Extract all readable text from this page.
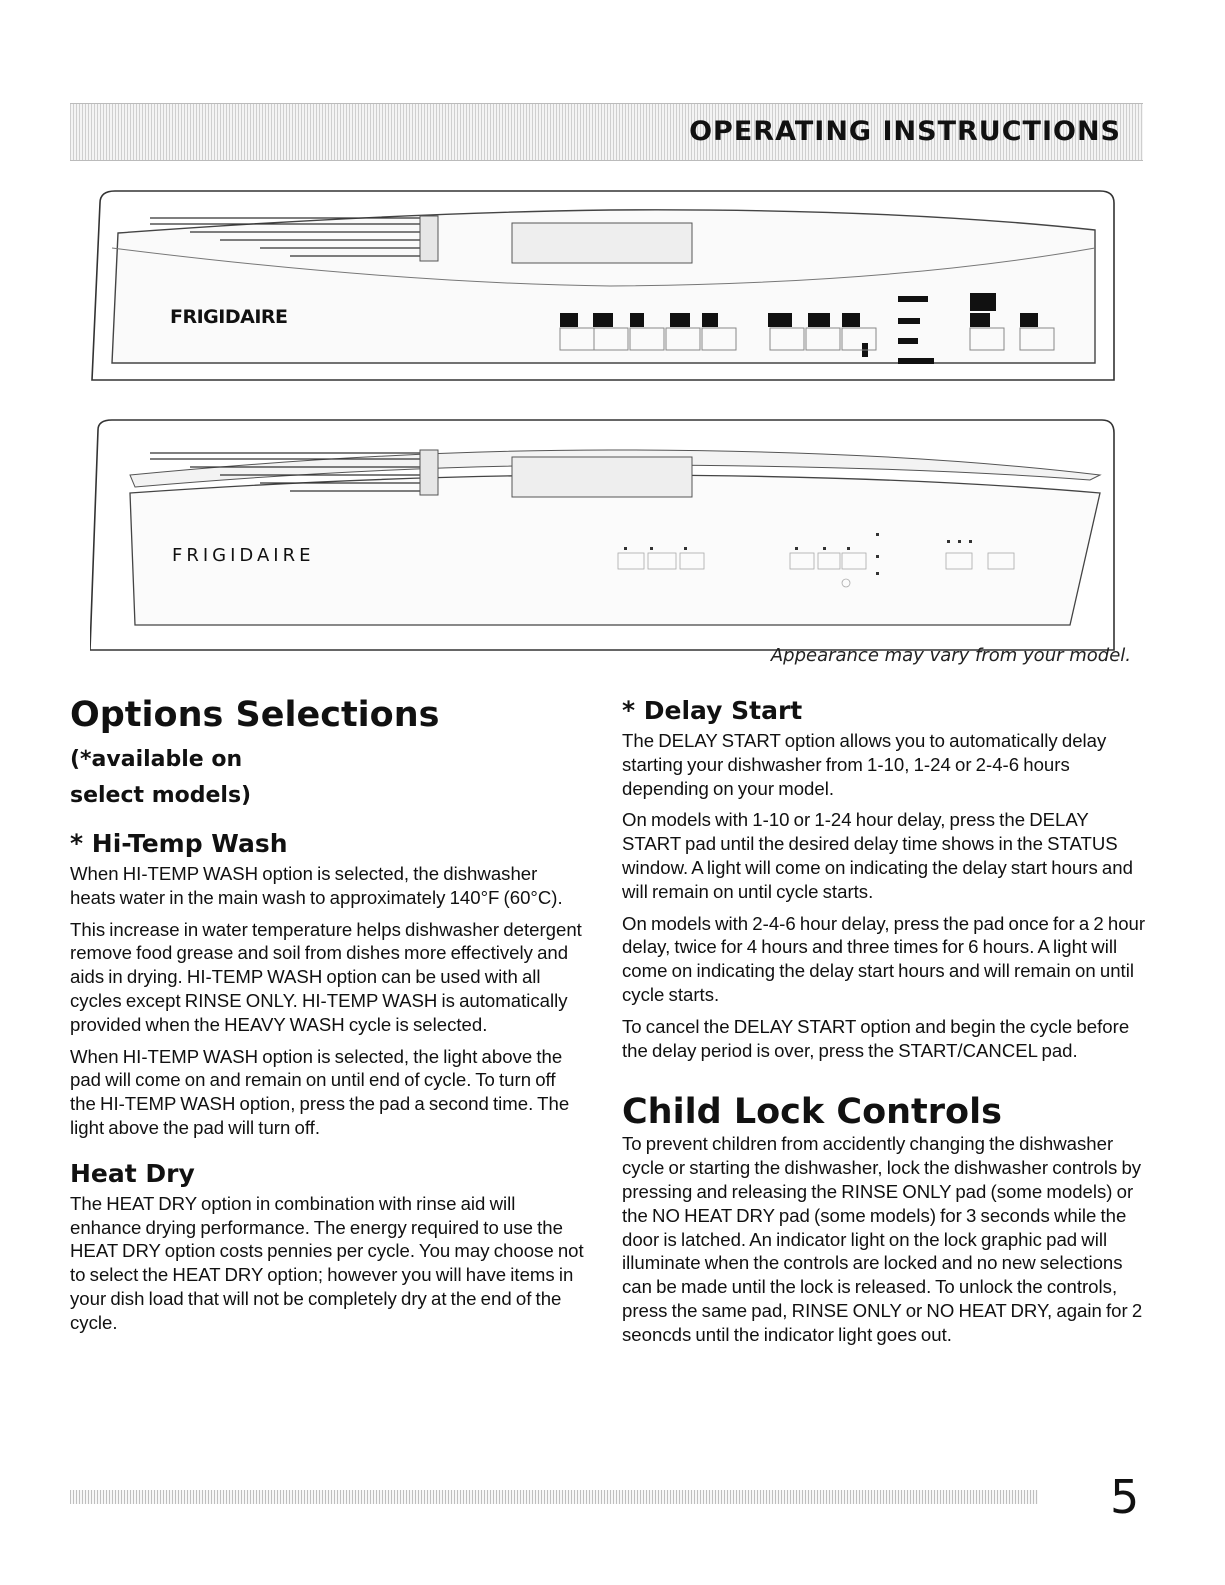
OPERATING INSTRUCTIONS
FRIGIDAIRE
FRIGIDAIRE
Appearance may vary from your model.
Options Selections (*available on
select models)
* Hi-Temp Wash

When HI-TEMP WASH option is selected, the dishwasher heats water in the main wash to approximately 140°F (60°C).

This increase in water temperature helps dishwasher detergent remove food grease and soil from dishes more effectively and aids in drying. HI-TEMP WASH option can be used with all cycles except RINSE ONLY. HI-TEMP WASH is automatically provided when the HEAVY WASH cycle is selected.

When HI-TEMP WASH option is selected, the light above the pad will come on and remain on until end of cycle. To turn off the HI-TEMP WASH option, press the pad a second time. The light above the pad will turn off.

Heat Dry

The HEAT DRY option in combination with rinse aid will enhance drying performance. The energy required to use the HEAT DRY option costs pennies per cycle. You may choose not to select the HEAT DRY option; however you will have items in your dish load that will not be completely dry at the end of the cycle.

* Delay Start

The DELAY START option allows you to automatically delay starting your dishwasher from 1-10, 1-24 or 2-4-6 hours depending on your model.

On models with 1-10 or 1-24 hour delay, press the DELAY START pad until the desired delay time shows in the STATUS window. A light will come on indicating the delay start hours and will remain on until cycle starts.

On models with 2-4-6 hour delay, press the pad once for a 2 hour delay, twice for 4 hours and three times for 6 hours. A light will come on indicating the delay start hours and will remain on until cycle starts.

To cancel the DELAY START option and begin the cycle before the delay period is over, press the START/CANCEL pad.

Child Lock Controls

To prevent children from accidently changing the dishwasher cycle or starting the dishwasher, lock the dishwasher controls by pressing and releasing the RINSE ONLY pad (some models) or the NO HEAT DRY pad (some models) for 3 seconds while the door is latched. An indicator light on the lock graphic pad will illuminate when the controls are locked and no new selections can be made until the lock is released. To unlock the controls, press the same pad, RINSE ONLY or NO HEAT DRY, again for 2 seoncds until the indicator light goes out.

5
